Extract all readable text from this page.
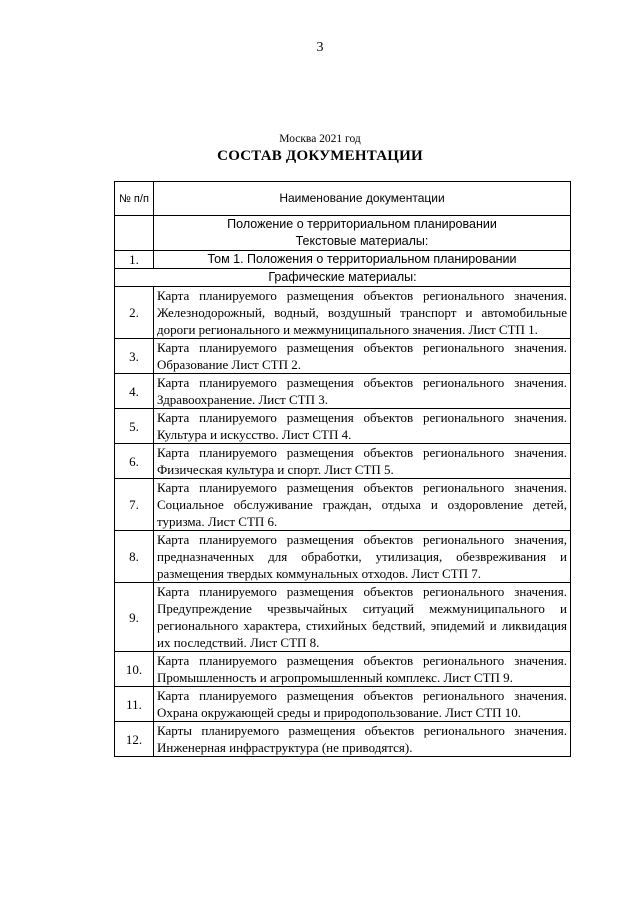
3
Москва 2021 год
СОСТАВ ДОКУМЕНТАЦИИ
№ п/п	Наименование документации

	Положение о территориальном планировании
Текстовые материалы:

1.	Том 1. Положения о территориальном планировании
Графические материалы:	
2.	Карта планируемого размещения объектов регионального значения. Железнодорожный, водный, воздушный транспорт и автомобильные дороги регионального и межмуниципального значения. Лист СТП 1.
3.	Карта планируемого размещения объектов регионального значения. Образование Лист СТП 2.
4.	Карта планируемого размещения объектов регионального значения. Здравоохранение. Лист СТП 3.
5.	Карта планируемого размещения объектов регионального значения. Культура и искусство. Лист СТП 4.
6.	Карта планируемого размещения объектов регионального значения. Физическая культура и спорт. Лист СТП 5.
7.	Карта планируемого размещения объектов регионального значения. Социальное обслуживание граждан, отдыха и оздоровление детей, туризма. Лист СТП 6.
8.	Карта планируемого размещения объектов регионального значения, предназначенных для обработки, утилизация, обезвреживания и размещения твердых коммунальных отходов. Лист СТП 7.
9.	Карта планируемого размещения объектов регионального значения. Предупреждение чрезвычайных ситуаций межмуниципального и регионального характера, стихийных бедствий, эпидемий и ликвидация их последствий. Лист СТП 8.
10.	Карта планируемого размещения объектов регионального значения. Промышленность и агропромышленный комплекс. Лист СТП 9.
11.	Карта планируемого размещения объектов регионального значения. Охрана окружающей среды и природопользование. Лист СТП 10.
12.	Карты планируемого размещения объектов регионального значения. Инженерная инфраструктура (не приводятся).
